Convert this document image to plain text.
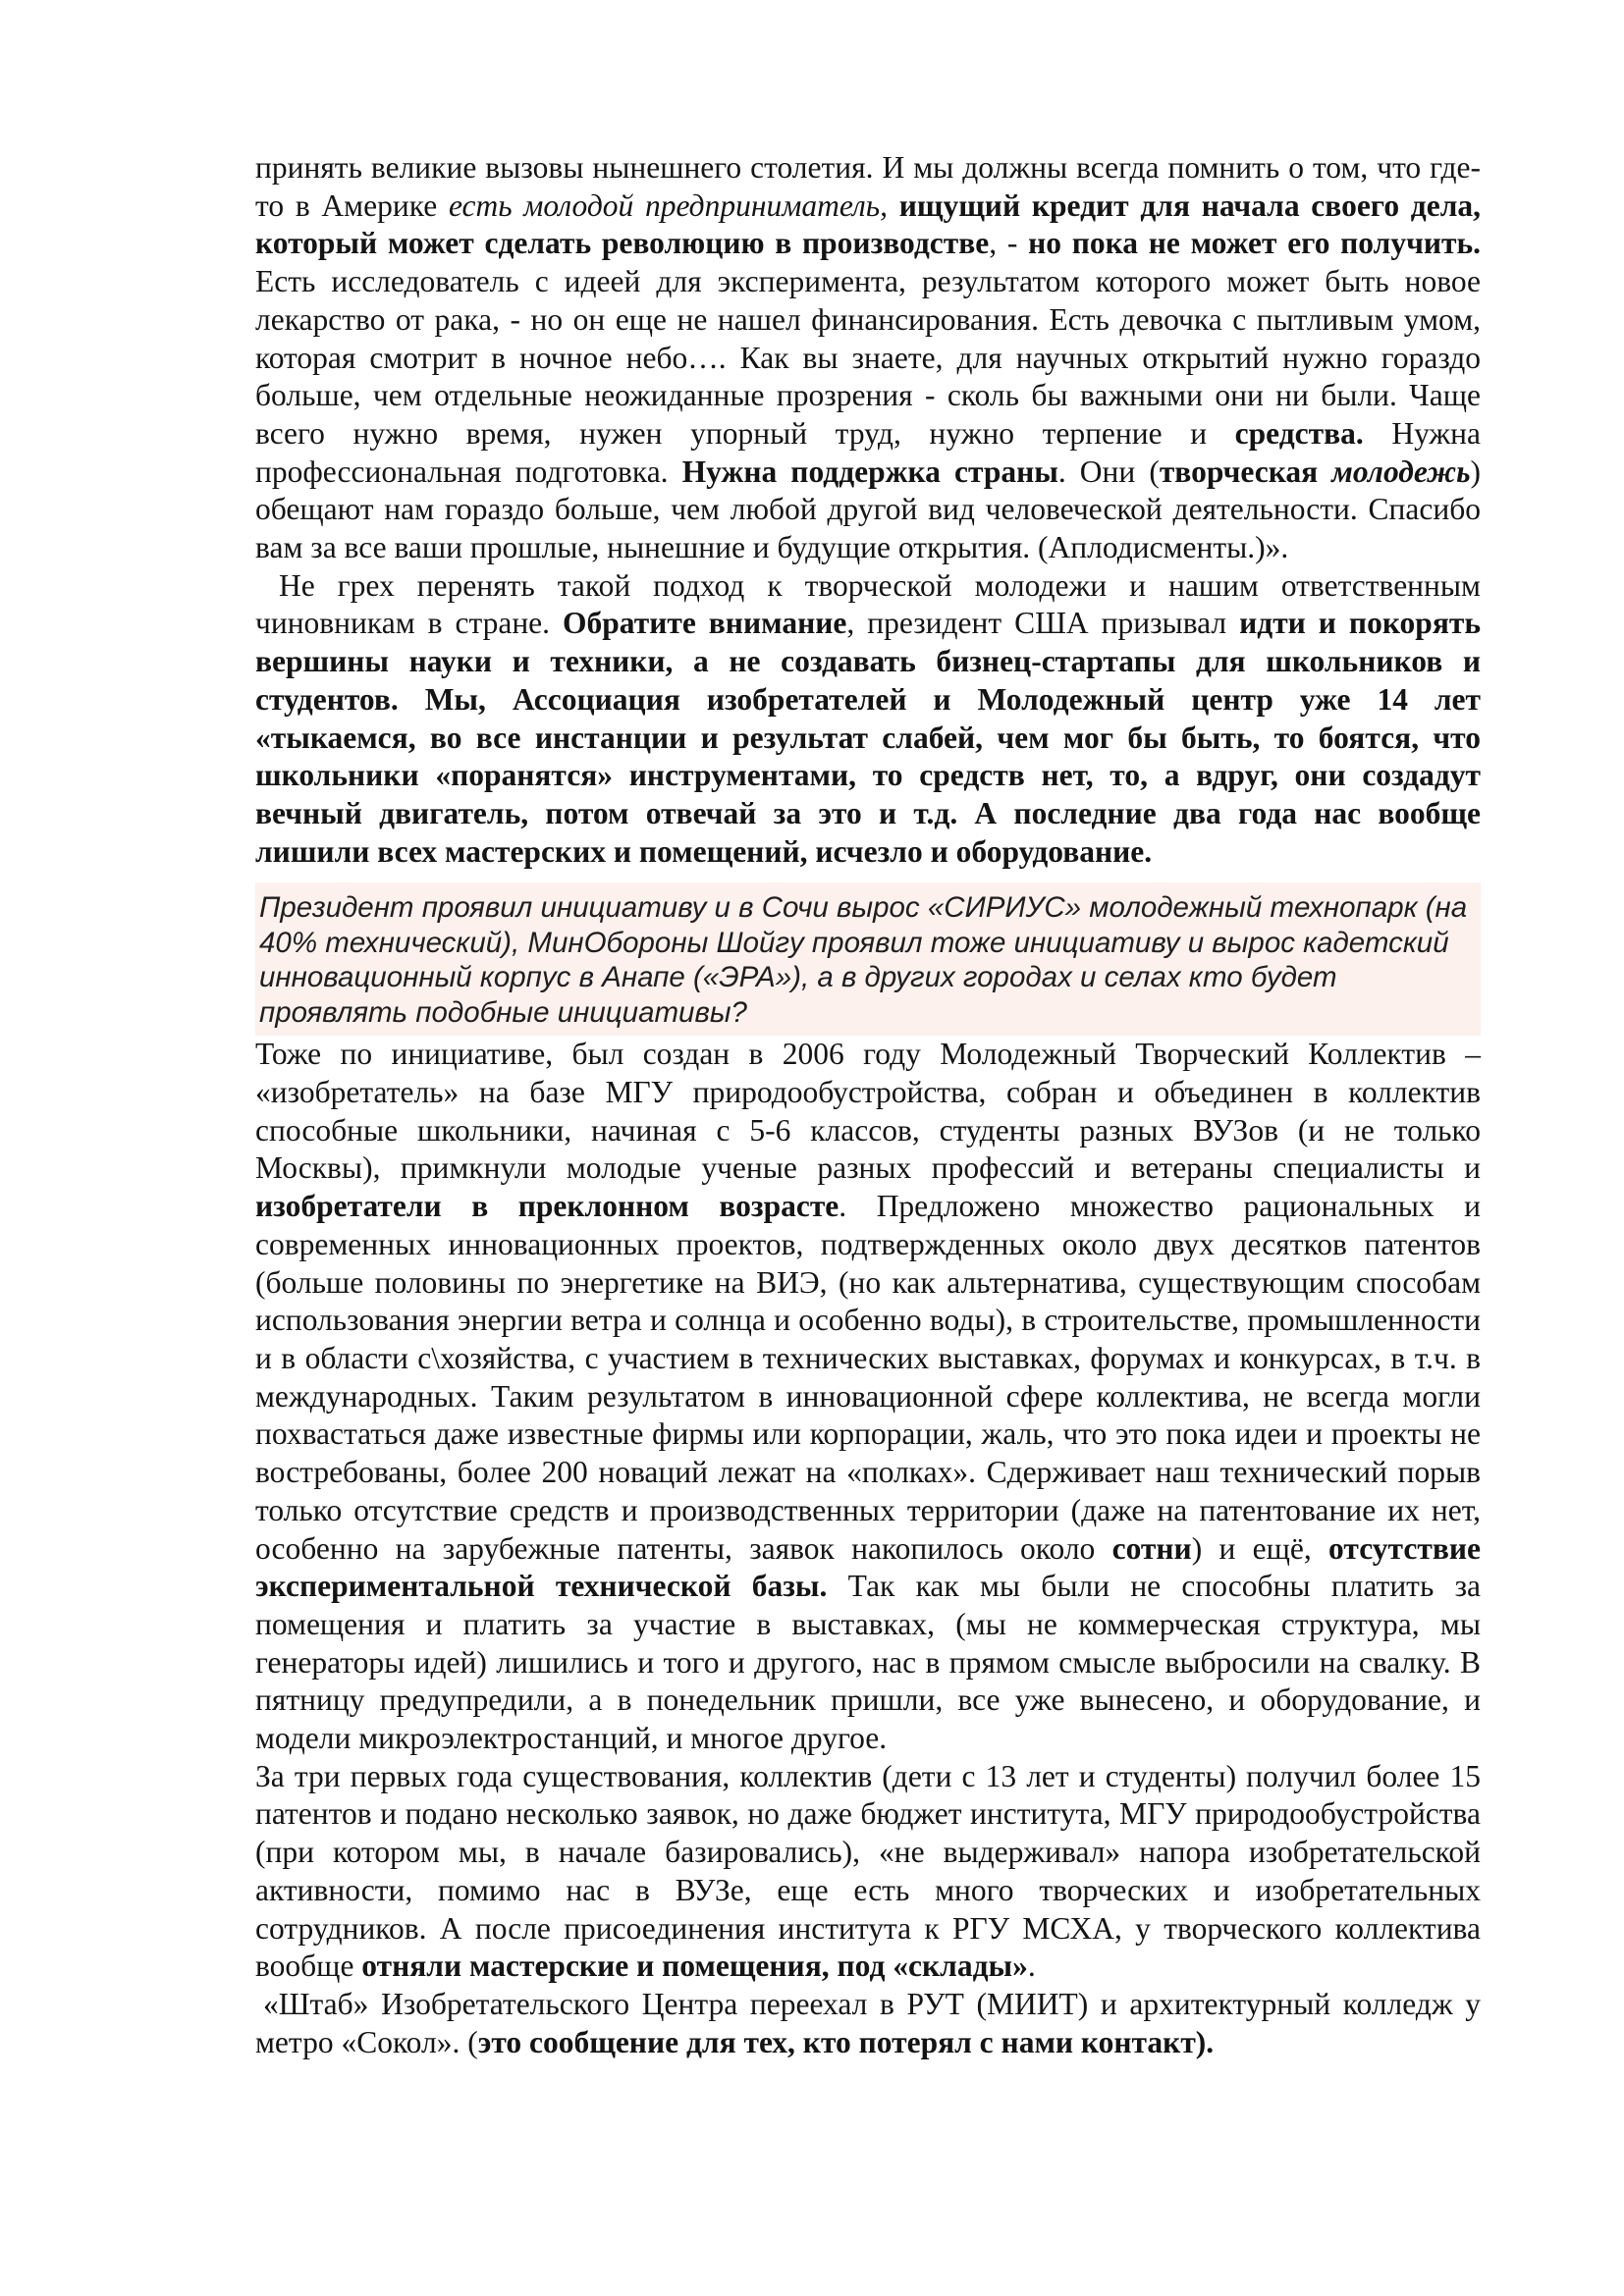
принять великие вызовы нынешнего столетия. И мы должны всегда помнить о том, что где-то в Америке есть молодой предприниматель, ищущий кредит для начала своего дела, который может сделать революцию в производстве, - но пока не может его получить. Есть исследователь с идеей для эксперимента, результатом которого может быть новое лекарство от рака, - но он еще не нашел финансирования. Есть девочка с пытливым умом, которая смотрит в ночное небо…. Как вы знаете, для научных открытий нужно гораздо больше, чем отдельные неожиданные прозрения - сколь бы важными они ни были. Чаще всего нужно время, нужен упорный труд, нужно терпение и средства. Нужна профессиональная подготовка. Нужна поддержка страны. Они (творческая молодежь) обещают нам гораздо больше, чем любой другой вид человеческой деятельности. Спасибо вам за все ваши прошлые, нынешние и будущие открытия. (Аплодисменты.)».

Не грех перенять такой подход к творческой молодежи и нашим ответственным чиновникам в стране. Обратите внимание, президент США призывал идти и покорять вершины науки и техники, а не создавать бизнец-стартапы для школьников и студентов. Мы, Ассоциация изобретателей и Молодежный центр уже 14 лет «тыкаемся, во все инстанции и результат слабей, чем мог бы быть, то боятся, что школьники «поранятся» инструментами, то средств нет, то, а вдруг, они создадут вечный двигатель, потом отвечай за это и т.д. А последние два года нас вообще лишили всех мастерских и помещений, исчезло и оборудование.

Президент проявил инициативу и в Сочи вырос «СИРИУС» молодежный технопарк (на 40% технический), МинОбороны Шойгу проявил тоже инициативу и вырос кадетский инновационный корпус в Анапе («ЭРА»), а в других городах и селах кто будет проявлять подобные инициативы?

Тоже по инициативе, был создан в 2006 году Молодежный Творческий Коллектив – «изобретатель» на базе МГУ природообустройства, собран и объединен в коллектив способные школьники, начиная с 5-6 классов, студенты разных ВУЗов (и не только Москвы), примкнули молодые ученые разных профессий и ветераны специалисты и изобретатели в преклонном возрасте. Предложено множество рациональных и современных инновационных проектов, подтвержденных около двух десятков патентов (больше половины по энергетике на ВИЭ, (но как альтернатива, существующим способам использования энергии ветра и солнца и особенно воды), в строительстве, промышленности и в области с\хозяйства, с участием в технических выставках, форумах и конкурсах, в т.ч. в международных. Таким результатом в инновационной сфере коллектива, не всегда могли похвастаться даже известные фирмы или корпорации, жаль, что это пока идеи и проекты не востребованы, более 200 новаций лежат на «полках». Сдерживает наш технический порыв только отсутствие средств и производственных территории (даже на патентование их нет, особенно на зарубежные патенты, заявок накопилось около сотни) и ещё, отсутствие экспериментальной технической базы. Так как мы были не способны платить за помещения и платить за участие в выставках, (мы не коммерческая структура, мы генераторы идей) лишились и того и другого, нас в прямом смысле выбросили на свалку. В пятницу предупредили, а в понедельник пришли, все уже вынесено, и оборудование, и модели микроэлектростанций, и многое другое.

За три первых года существования, коллектив (дети с 13 лет и студенты) получил более 15 патентов и подано несколько заявок, но даже бюджет института, МГУ природообустройства (при котором мы, в начале базировались), «не выдерживал» напора изобретательской активности, помимо нас в ВУЗе, еще есть много творческих и изобретательных сотрудников. А после присоединения института к РГУ МСХА, у творческого коллектива вообще отняли мастерские и помещения, под «склады».

«Штаб» Изобретательского Центра переехал в РУТ (МИИТ) и архитектурный колледж у метро «Сокол». (это сообщение для тех, кто потерял с нами контакт).
